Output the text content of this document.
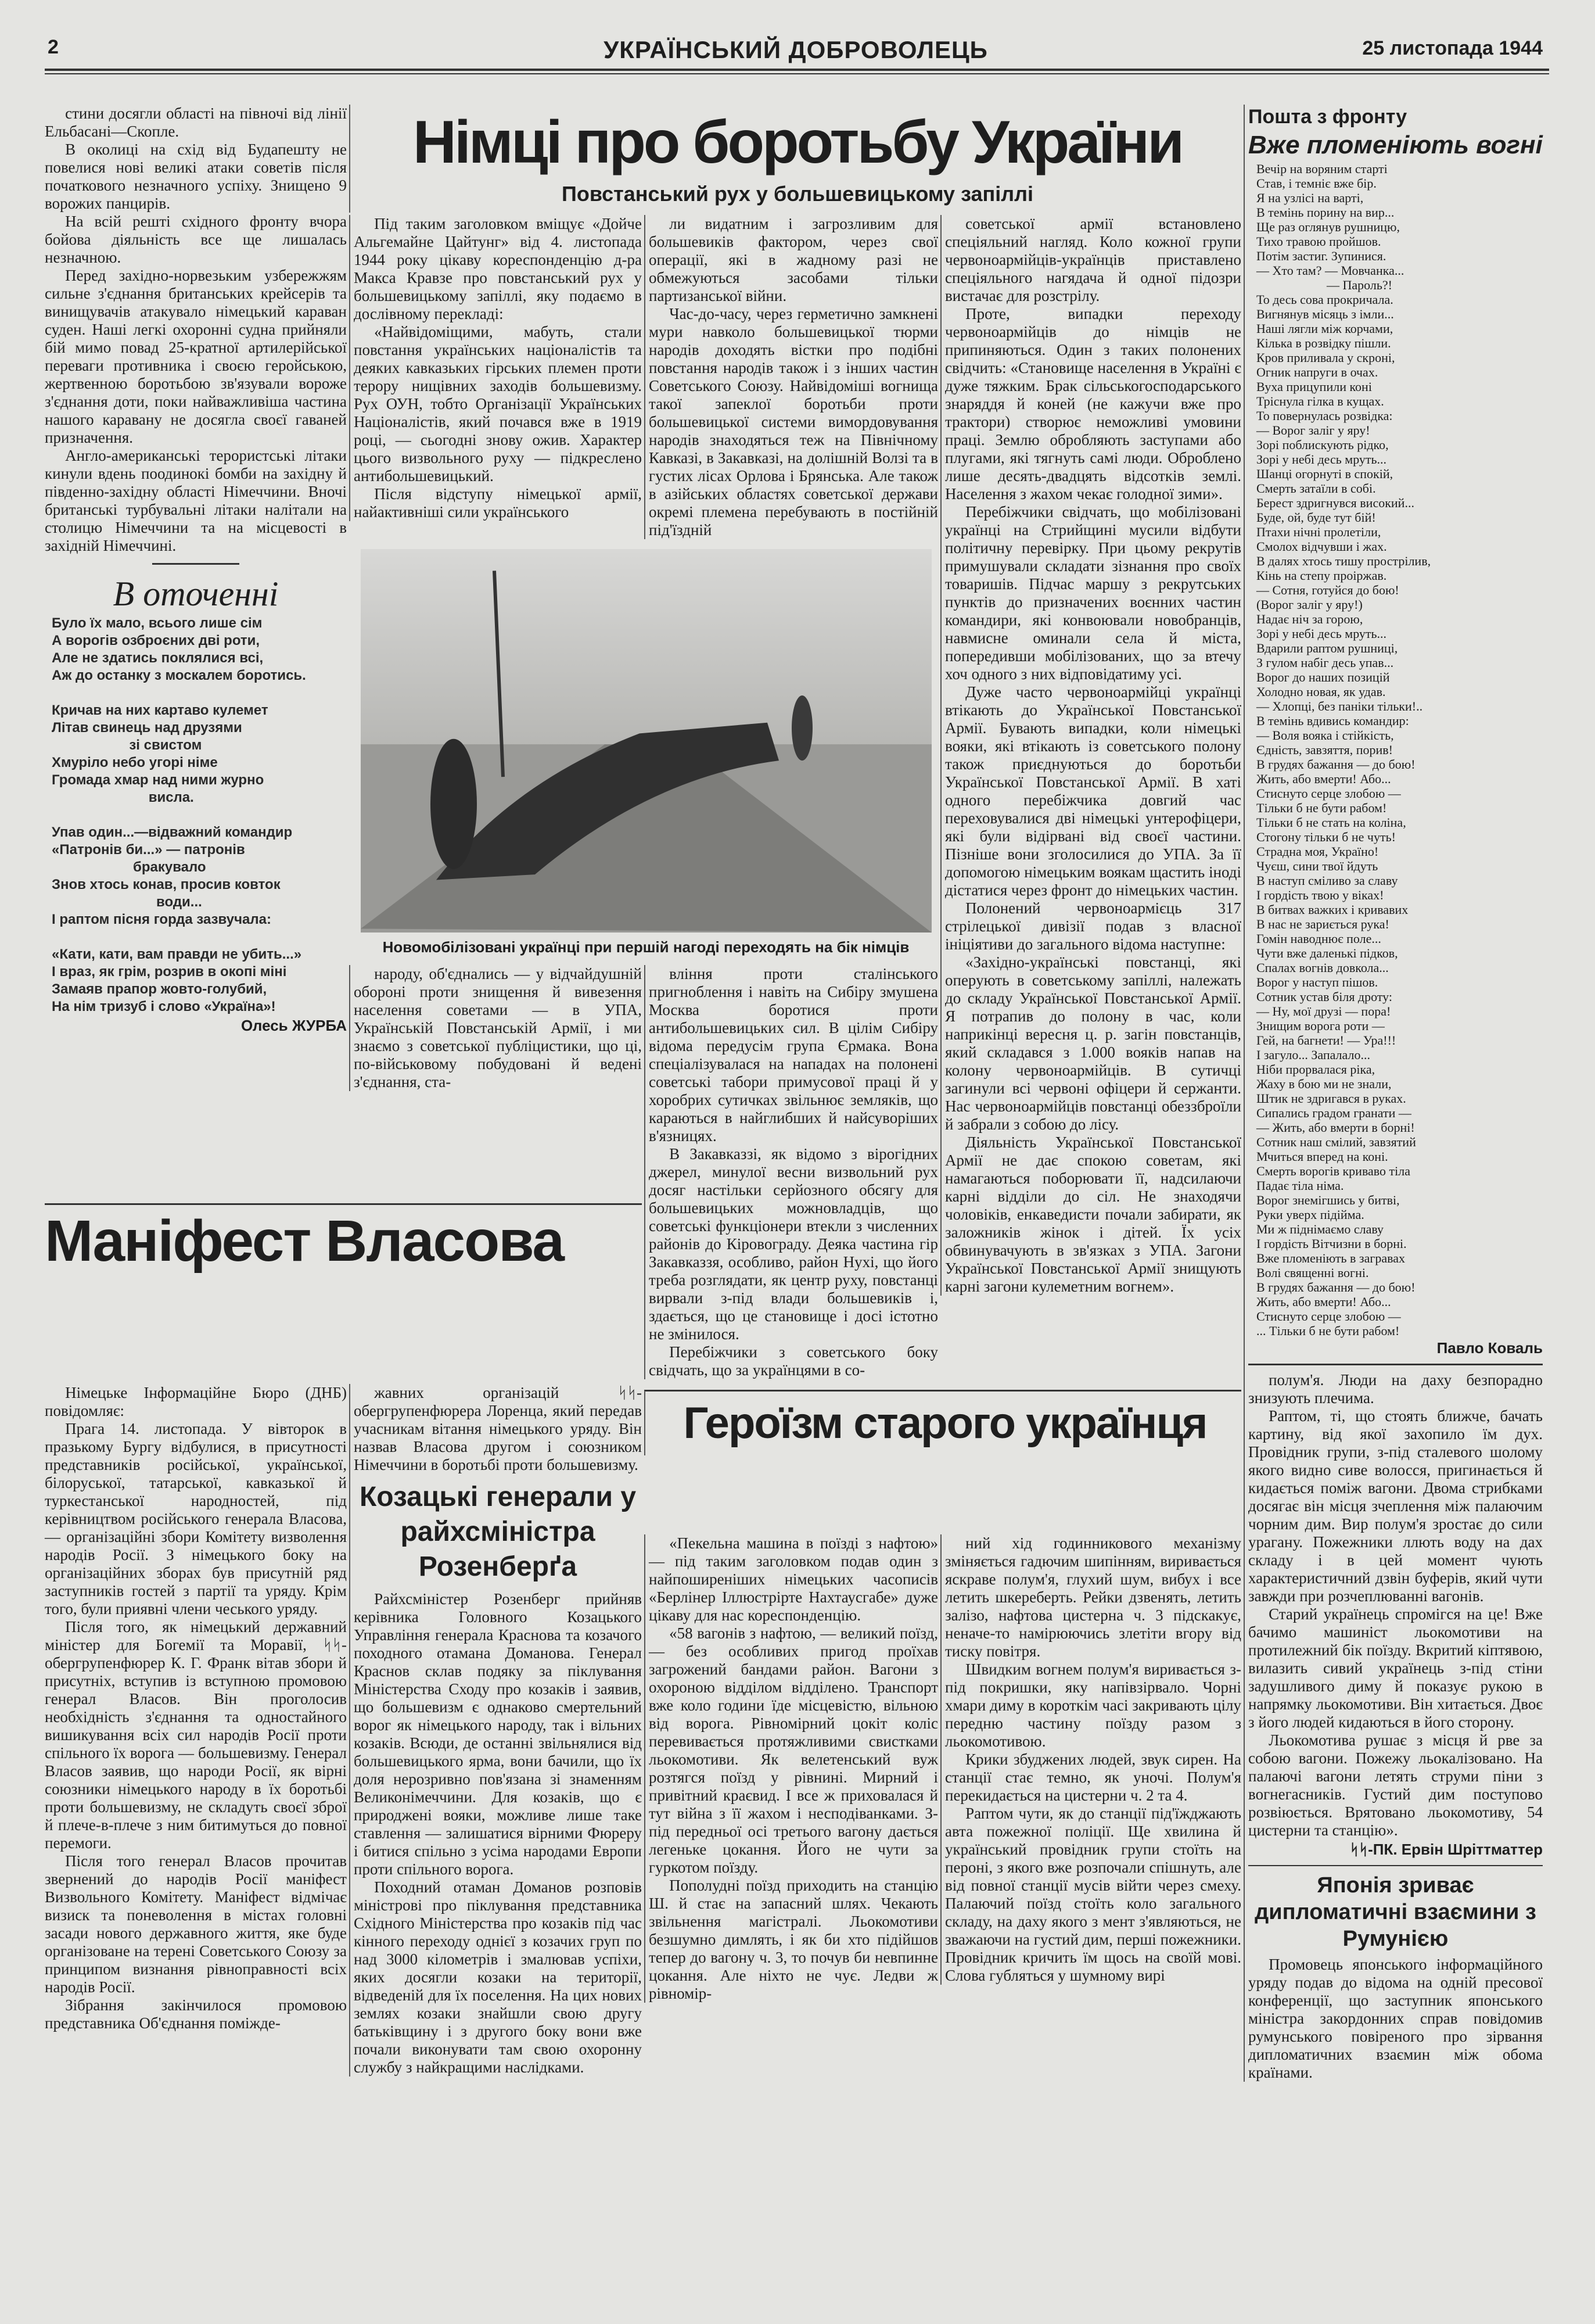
2	УКРАЇНСЬКИЙ ДОБРОВОЛЕЦЬ	25 листопада 1944

стини досягли області на півночі від лінії Ельбасані—Скопле.

В околиці на схід від Будапешту не повелися нові великі атаки советів після початкового незначного успіху. Знищено 9 ворожих панцирів.

На всій решті східного фронту вчора бойова діяльність все ще лишалась незначною.

Перед західно-норвезьким узбережжям сильне з'єднання британських крейсерів та винищувачів атакувало німецький караван суден. Наші легкі охоронні судна прийняли бій мимо повад 25-кратної артилерійської переваги противника і своєю геройською, жертвенною боротьбою зв'язували вороже з'єднання доти, поки найважливіша частина нашого каравану не досягла своєї гаваней призначення.

Англо-американські терористські літаки кинули вдень поодинокі бомби на західну й південно-західну області Німеччини. Вночі британські турбувальні літаки налітали на столицю Німеччини та на місцевості в західній Німеччині.

В оточенні

Було їх мало, всього лише сім

А ворогів озброєних дві роти,

Але не здатись поклялися всі,

Аж до останку з москалем боротись.

Кричав на них картаво кулемет

Літав свинець над друзями

зі свистом

Хмуріло небо угорі німе

Громада хмар над ними журно

висла.

Упав один...—відважний командир

«Патронів би...» — патронів

бракувало

Знов хтось конав, просив ковток

води...

І раптом пісня горда зазвучала:

«Кати, кати, вам правди не убить...»

І враз, як грім, розрив в окопі міні

Замаяв прапор жовто-голубий,

На нім тризуб і слово «Україна»!

Олесь ЖУРБА
Німці про боротьбу України
Повстанський рух у большевицькому запіллі

Під таким заголовком вміщує «Дойче Альгемайне Цайтунг» від 4. листопада 1944 року цікаву кореспонденцію д-ра Макса Кравзе про повстанський рух у большевицькому запіллі, яку подаємо в дослівному перекладі:

«Найвідоміщими, мабуть, стали повстання українських націоналістів та деяких кавказьких гірських племен проти терору нищівних заходів большевизму. Рух ОУН, тобто Організації Українських Націоналістів, який почався вже в 1919 році, — сьогодні знову ожив. Характер цього визвольного руху — підкреслено антибольшевицький.

Після відступу німецької армії, найактивніші сили українського

ли видатним і загрозливим для большевиків фактором, через свої операції, які в жадному разі не обмежуються засобами тільки партизанської війни.

Час-до-часу, через герметично замкнені мури навколо большевицької тюрми народів доходять вістки про подібні повстання народів також і з інших частин Советського Союзу. Найвідоміші вогнища такої запеклої боротьби проти большевицької системи вимордовування народів знаходяться теж на Північному Кавказі, в Закавказі, на долішній Волзі та в густих лісах Орлова і Брянська. Але також в азійських областях советської держави окремі племена перебувають в постійній під'їздній

советської армії встановлено спеціяльний нагляд. Коло кожної групи червоноармійців-українців приставлено спеціяльного нагядача й одної підозри вистачає для розстрілу.

Проте, випадки переходу червоноармійців до німців не припиняються. Один з таких полонених свідчить: «Становище населення в Україні є дуже тяжким. Брак сільськогосподарського знаряддя й коней (не кажучи вже про трактори) створює неможливі умовини праці. Землю обробляють заступами або плугами, які тягнуть самі люди. Оброблено лише десять-двадцять відсотків землі. Населення з жахом чекає голодної зими».

Перебіжчики свідчать, що мобілізовані українці на Стрийщині мусили відбути політичну перевірку. При цьому рекрутів примушували складати зізнання про своїх товаришів. Підчас маршу з рекрутських пунктів до призначених воєнних частин командири, які конвоювали новобранців, навмисне оминали села й міста, попередивши мобілізованих, що за втечу хоч одного з них відповідатиму усі.

Дуже часто червоноармійці українці втікають до Української Повстанської Армії. Бувають випадки, коли німецькі вояки, які втікають із советського полону також приєднуються до боротьби Української Повстанської Армії. В хаті одного перебіжчика довгий час переховувалися дві німецькі унтерофіцери, які були відірвані від своєї частини. Пізніше вони зголосилися до УПА. За її допомогою німецьким воякам щастить іноді дістатися через фронт до німецьких частин.

Полонений червоноармієць 317 стрілецької дивізії подав з власної ініціятиви до загального відома наступне:

«Західно-українські повстанці, які оперують в советському запіллі, належать до складу Української Повстанської Армії. Я потрапив до полону в час, коли наприкінці вересня ц. р. загін повстанців, який складався з 1.000 вояків напав на колону червоноармійців. В сутичці загинули всі червоні офіцери й сержанти. Нас червоноармійців повстанці обеззброїли й забрали з собою до лісу.

Діяльність Української Повстанської Армії не дає спокою советам, які намагаються поборювати її, надсилаючи карні відділи до сіл. Не знаходячи чоловіків, енкаведисти почали забирати, як заложників жінок і дітей. Їх усіх обвинувачують в зв'язках з УПА. Загони Української Повстанської Армії знищують карні загони кулеметним вогнем».

Новомобілізовані українці при першій нагоді переходять на бік німців

народу, об'єднались — у відчайдушній обороні проти знищення й вивезення населення советами — в УПА, Українській Повстанській Армії, і ми знаємо з советської публіцистики, що ці, по-військовому побудовані й ведені з'єднання, ста-

вління проти сталінського пригноблення і навіть на Сибіру змушена Москва боротися проти антибольшевицьких сил. В цілім Сибіру відома передусім група Єрмака. Вона спеціалізувалася на нападах на полонені советські табори примусової праці й у хоробрих сутичках звільнює земляків, що караються в найглибших й найсуворіших в'язницях.

В Закавказзі, як відомо з вірогідних джерел, минулої весни визвольний рух досяг настільки серйозного обсягу для большевицьких можновладців, що советські функціонери втекли з численних районів до Кіровограду. Деяка частина гір Закавказзя, особливо, район Нухі, що його треба розглядати, як центр руху, повстанці вирвали з-під влади большевиків і, здається, що це становище і досі істотно не змінилося.

Перебіжчики з советського боку свідчать, що за українцями в со-

Пошта з фронту
Вже пломеніють вогні

Вечір на воряним старті

Став, і темніє вже бір.

Я на узлісі на варті,

В темінь порину на вир...

Ще раз оглянув рушницю,

Тихо травою пройшов.

Потім застиг. Зупинися.

— Хто там? — Мовчанка...

— Пароль?!

То десь сова прокричала.

Вигнянув місяць з імли...

Наші лягли між корчами,

Кілька в розвідку пішли.

Кров приливала у скроні,

Огник напруги в очах.

Вуха прицупили коні

Тріснула гілка в кущах.

То повернулась розвідка:

— Ворог заліг у яру!

Зорі поблискують рідко,

Зорі у небі десь мруть...

Шанці огорнуті в спокій,

Смерть затаїли в собі.

Берест здригнувся високий...

Буде, ой, буде тут бій!

Птахи нічні пролетіли,

Смолох відчувши і жах.

В далях хтось тишу прострілив,

Кінь на степу проіржав.

— Сотня, готуйся до бою!

(Ворог заліг у яру!)

Надає ніч за горою,

Зорі у небі десь мруть...

Вдарили раптом рушниці,

З гулом набіг десь упав...

Ворог до наших позицій

Холодно новая, як удав.

— Хлопці, без паніки тільки!..

В темінь вдивись командир:

— Воля вояка і стійкість,

Єдність, завзяття, порив!

В грудях бажання — до бою!

Жить, або вмерти! Або...

Стиснуто серце злобою —

Тільки б не бути рабом!

Тільки б не стать на коліна,

Стогону тільки б не чуть!

Страдна моя, Україно!

Чуєш, сини твої йдуть

В наступ сміливо за славу

І гордість твою у віках!

В битвах важких і кривавих

В нас не зариється рука!

Гомін наводнює поле...

Чути вже даленькі підков,

Спалах вогнів довкола...

Ворог у наступ пішов.

Сотник устав біля дроту:

— Ну, мої друзі — пора!

Знищим ворога роти —

Гей, на багнети! — Ура!!!

І загуло... Запалало...

Ніби прорвалася ріка,

Жаху в бою ми не знали,

Штик не здригався в руках.

Сипались градом гранати —

— Жить, або вмерти в борні!

Сотник наш смілий, завзятий

Мчиться вперед на коні.

Смерть ворогів криваво тіла

Падає тіла німа.

Ворог знемігшись у битві,

Руки уверх підійма.

Ми ж піднімаємо славу

І гордість Вітчизни в борні.

Вже пломеніють в загравах

Волі священні вогні.

В грудях бажання — до бою!

Жить, або вмерти! Або...

Стиснуто серце злобою —

... Тільки б не бути рабом!

Павло Коваль

полум'я. Люди на даху безпорадно знизують плечима.

Раптом, ті, що стоять ближче, бачать картину, від якої захопило їм дух. Провідник групи, з-під сталевого шолому якого видно сиве волосся, пригинається й кидається поміж вагони. Двома стрибками досягає він місця зчеплення між палаючим чорним дим. Вир полум'я зростає до сили урагану. Пожежники ллють воду на дах складу і в цей момент чують характеристичний дзвін буферів, який чути завжди при розчеплюванні вагонів.

Старий українець спромігся на це! Вже бачимо машиніст льокомотиви на протилежний бік поїзду. Вкритий кіптявою, вилазить сивий українець з-під стіни задушливого диму й показує рукою в напрямку льокомотиви. Він хитається. Двоє з його людей кидаються в його сторону.

Льокомотива рушає з місця й рве за собою вагони. Пожежу льокалізовано. На палаючі вагони летять струми піни з вогнегасників. Густий дим поступово розвіюється. Врятовано льокомотиву, 54 цистерни та станцію».

ᛋᛋ-ПК. Ервін Шріттматтер
Японія зриває дипломатичні взаємини з Румунією

Промовець японського інформаційного уряду подав до відома на одній пресової конференції, що заступник японського міністра закордонних справ повідомив румунського повіреного про зірвання дипломатичних взаємин між обома країнами.

Маніфест Власова

Німецьке Інформаційне Бюро (ДНБ) повідомляє:

Прага 14. листопада. У вівторок в празькому Бургу відбулися, в присутності представників російської, української, білоруської, татарської, кавказької й туркестанської народностей, під керівництвом російського генерала Власова, — організаційні збори Комітету визволення народів Росії. З німецького боку на організаційних зборах був присутній ряд заступників гостей з партії та уряду. Крім того, були приявні члени чеського уряду.

Після того, як німецький державний міністер для Богемії та Моравії, ᛋᛋ-обергрупенфюрер К. Г. Франк вітав збори й присутніх, вступив із вступною промовою генерал Власов. Він проголосив необхідність з'єднання та одностайного вишикування всіх сил народів Росії проти спільного їх ворога — большевизму. Генерал Власов заявив, що народи Росії, як вірні союзники німецького народу в їх боротьбі проти большевизму, не складуть своєї зброї й плече-в-плече з ним битимуться до повної перемоги.

Після того генерал Власов прочитав звернений до народів Росії маніфест Визвольного Комітету. Маніфест відмічає визиск та поневолення в містах головні засади нового державного життя, яке буде організоване на терені Советського Союзу за принципом визнання рівноправності всіх народів Росії.

Зібрання закінчилося промовою представника Об'єднання поміжде-

жавних організацій ᛋᛋ-обергрупенфюрера Лоренца, який передав учасникам вітання німецького уряду. Він назвав Власова другом і союзником Німеччини в боротьбі проти большевизму.

Козацькі генерали у райхсміністра Розенберґа

Райхсміністер Розенберг прийняв керівника Головного Козацького Управління генерала Краснова та козачого походного отамана Доманова. Генерал Краснов склав подяку за піклування Міністерства Сходу про козаків і заявив, що большевизм є однаково смертельний ворог як німецького народу, так і вільних козаків. Всюди, де останні звільнялися від большевицького ярма, вони бачили, що їх доля нерозривно пов'язана зі знаменням Великонімеччини. Для козаків, що є природжені вояки, можливе лише таке ставлення — залишатися вірними Фюреру і битися спільно з усіма народами Европи проти спільного ворога.

Походний отаман Доманов розповів міністрові про піклування представника Східного Міністерства про козаків під час кінного переходу однієї з козачих груп по над 3000 кілометрів і змалював успіхи, яких досягли козаки на території, відведеній для їх поселення. На цих нових землях козаки знайшли свою другу батьківщину і з другого боку вони вже почали виконувати там свою охоронну службу з найкращими наслідками.

Героїзм старого українця

«Пекельна машина в поїзді з нафтою» — під таким заголовком подав один з найпоширеніших німецьких часописів «Берлінер Іллюстрірте Нахтаусгабе» дуже цікаву для нас кореспонденцію.

«58 вагонів з нафтою, — великий поїзд, — без особливих пригод проїхав загрожений бандами район. Вагони з охороною відділом відділено. Транспорт вже коло години їде місцевістю, вільною від ворога. Рівномірний цокіт коліс перевивається протяжливими свистками льокомотиви. Як велетенський вуж розтягся поїзд у рівнині. Мирний і привітний краєвид. І все ж приховалася й тут війна з її жахом і несподіванками. З-під передньої осі третього вагону дається легеньке цокання. Його не чути за гуркотом поїзду.

Пополудні поїзд приходить на станцію Ш. й стає на запасний шлях. Чекають звільнення магістралі. Льокомотиви безшумно димлять, і як би хто підійшов тепер до вагону ч. 3, то почув би невпинне цокання. Але ніхто не чує. Ледви ж рівномір-

ний хід годинникового механізму зміняється гадючим шипінням, виривається яскраве полум'я, глухий шум, вибух і все летить шкереберть. Рейки дзвенять, летить залізо, нафтова цистерна ч. 3 підскакує, неначе-то намірюючись злетіти вгору від тиску повітря.

Швидким вогнем полум'я виривається з-під покришки, яку напівзірвало. Чорні хмари диму в короткім часі закривають цілу передню частину поїзду разом з льокомотивою.

Крики збуджених людей, звук сирен. На станції стає темно, як уночі. Полум'я перекидається на цистерни ч. 2 та 4.

Раптом чути, як до станції під'їжджають авта пожежної поліції. Ще хвилина й український провідник групи стоїть на пероні, з якого вже розпочали спішнуть, але від повної станції мусів війти через смеху. Палаючий поїзд стоїть коло загального складу, на даху якого з мент з'являються, не зважаючи на густий дим, перші пожежники. Провідник кричить їм щось на своїй мові. Слова губляться у шумному вирі
